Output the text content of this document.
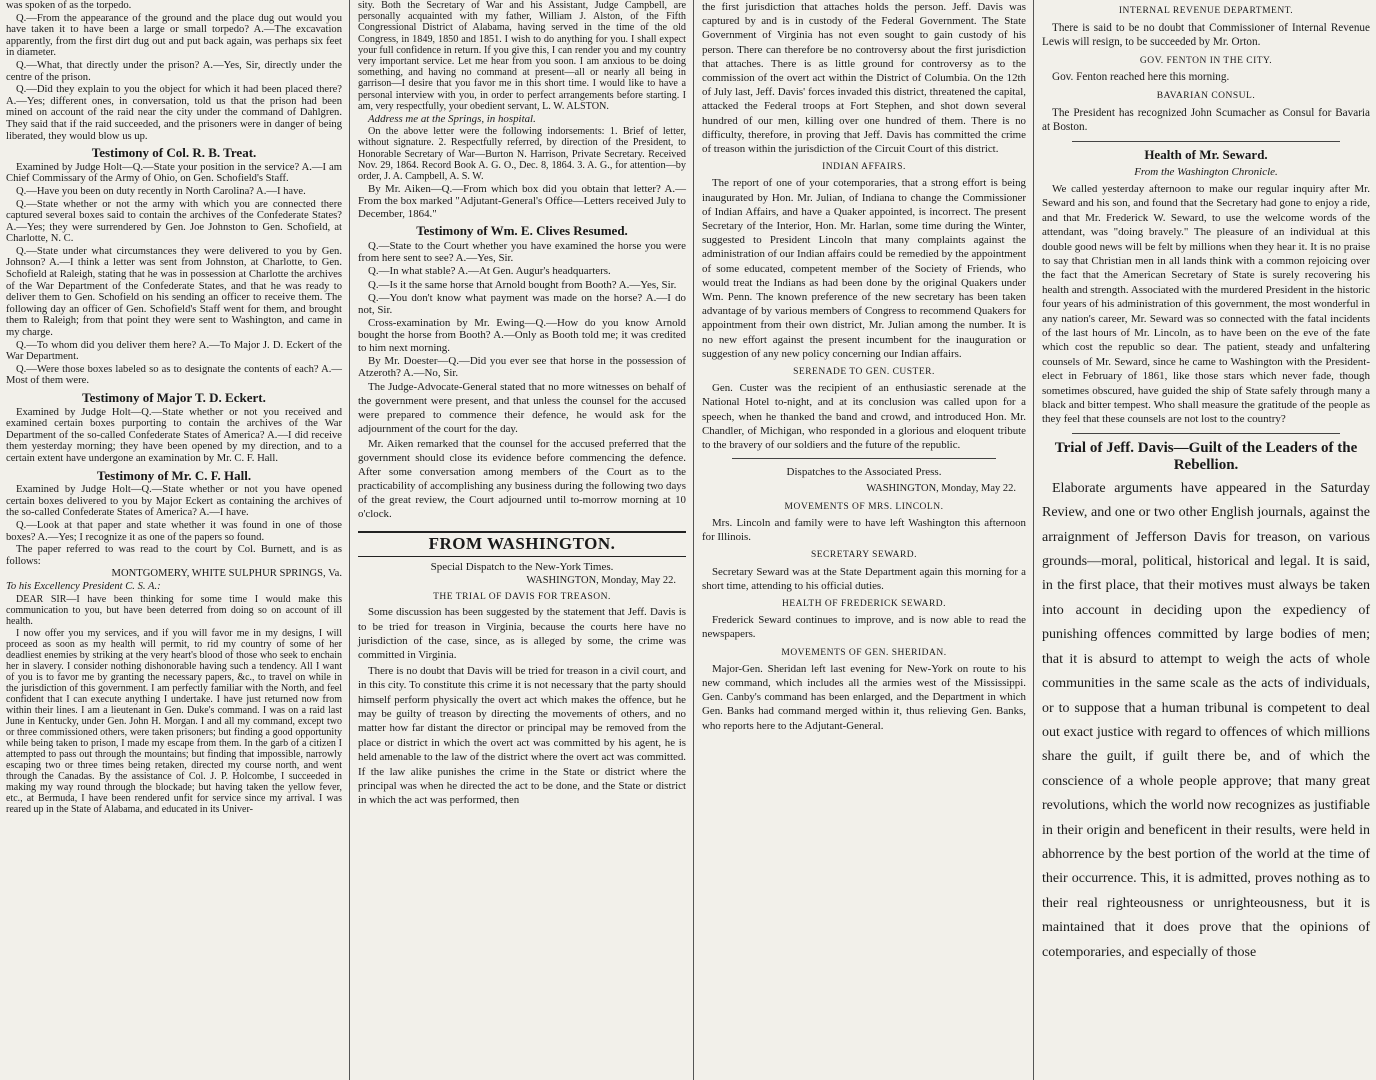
was spoken of as the torpedo.

Q.—From the appearance of the ground and the place dug out would you have taken it to have been a large or small torpedo? A.—The excavation apparently, from the first dirt dug out and put back again, was perhaps six feet in diameter.

Q.—What, that directly under the prison? A.—Yes, Sir, directly under the centre of the prison.

Q.—Did they explain to you the object for which it had been placed there? A.—Yes; different ones, in conversation, told us that the prison had been mined on account of the raid near the city under the command of Dahlgren. They said that if the raid succeeded, and the prisoners were in danger of being liberated, they would blow us up.

Testimony of Col. R. B. Treat.

Examined by Judge Holt—Q.—State your position in the service? A.—I am Chief Commissary of the Army of Ohio, on Gen. Schofield's Staff.

Q.—Have you been on duty recently in North Carolina? A.—I have.

Q.—State whether or not the army with which you are connected there captured several boxes said to contain the archives of the Confederate States? A.—Yes; they were surrendered by Gen. Joe Johnston to Gen. Schofield, at Charlotte, N. C.

Q.—State under what circumstances they were delivered to you by Gen. Johnson? A.—I think a letter was sent from Johnston, at Charlotte, to Gen. Schofield at Raleigh, stating that he was in possession at Charlotte the archives of the War Department of the Confederate States, and that he was ready to deliver them to Gen. Schofield on his sending an officer to receive them. The following day an officer of Gen. Schofield's Staff went for them, and brought them to Raleigh; from that point they were sent to Washington, and came in my charge.

Q.—To whom did you deliver them here? A.—To Major J. D. Eckert of the War Department.

Q.—Were those boxes labeled so as to designate the contents of each? A.—Most of them were.

Testimony of Major T. D. Eckert.

Examined by Judge Holt—Q.—State whether or not you received and examined certain boxes purporting to contain the archives of the War Department of the so-called Confederate States of America? A.—I did receive them yesterday morning; they have been opened by my direction, and to a certain extent have undergone an examination by Mr. C. F. Hall.

Testimony of Mr. C. F. Hall.

Examined by Judge Holt—Q.—State whether or not you have opened certain boxes delivered to you by Major Eckert as containing the archives of the so-called Confederate States of America? A.—I have.

Q.—Look at that paper and state whether it was found in one of those boxes? A.—Yes; I recognize it as one of the papers so found.

The paper referred to was read to the court by Col. Burnett, and is as follows:

MONTGOMERY, WHITE SULPHUR SPRINGS, Va.

To his Excellency President C. S. A.:

DEAR SIR—I have been thinking for some time I would make this communication to you, but have been deterred from doing so on account of ill health.

I now offer you my services, and if you will favor me in my designs, I will proceed as soon as my health will permit, to rid my country of some of her deadliest enemies by striking at the very heart's blood of those who seek to enchain her in slavery. I consider nothing dishonorable having such a tendency. All I want of you is to favor me by granting the necessary papers, &c., to travel on while in the jurisdiction of this government. I am perfectly familiar with the North, and feel confident that I can execute anything I undertake. I have just returned now from within their lines. I am a lieutenant in Gen. Duke's command. I was on a raid last June in Kentucky, under Gen. John H. Morgan. I and all my command, except two or three commissioned others, were taken prisoners; but finding a good opportunity while being taken to prison, I made my escape from them. In the garb of a citizen I attempted to pass out through the mountains; but finding that impossible, narrowly escaping two or three times being retaken, directed my course north, and went through the Canadas. By the assistance of Col. J. P. Holcombe, I succeeded in making my way round through the blockade; but having taken the yellow fever, etc., at Bermuda, I have been rendered unfit for service since my arrival. I was reared up in the State of Alabama, and educated in its Univer-

sity. Both the Secretary of War and his Assistant, Judge Campbell, are personally acquainted with my father, William J. Alston, of the Fifth Congressional District of Alabama, having served in the time of the old Congress, in 1849, 1850 and 1851. I wish to do anything for you. I shall expect your full confidence in return. If you give this, I can render you and my country very important service. Let me hear from you soon. I am anxious to be doing something, and having no command at present—all or nearly all being in garrison—I desire that you favor me in this short time. I would like to have a personal interview with you, in order to perfect arrangements before starting. I am, very respectfully, your obedient servant, L. W. ALSTON.

Address me at the Springs, in hospital.

On the above letter were the following indorsements: 1. Brief of letter, without signature. 2. Respectfully referred, by direction of the President, to Honorable Secretary of War—Burton N. Harrison, Private Secretary. Received Nov. 29, 1864. Record Book A. G. O., Dec. 8, 1864. 3. A. G., for attention—by order, J. A. Campbell, A. S. W.

By Mr. Aiken—Q.—From which box did you obtain that letter? A.—From the box marked "Adjutant-General's Office—Letters received July to December, 1864."

Testimony of Wm. E. Clives Resumed.

Q.—State to the Court whether you have examined the horse you were from here sent to see? A.—Yes, Sir.

Q.—In what stable? A.—At Gen. Augur's headquarters.

Q.—Is it the same horse that Arnold bought from Booth? A.—Yes, Sir.

Q.—You don't know what payment was made on the horse? A.—I do not, Sir.

Cross-examination by Mr. Ewing—Q.—How do you know Arnold bought the horse from Booth? A.—Only as Booth told me; it was credited to him next morning.

By Mr. Doester—Q.—Did you ever see that horse in the possession of Atzeroth? A.—No, Sir.

The Judge-Advocate-General stated that no more witnesses on behalf of the government were present, and that unless the counsel for the accused were prepared to commence their defence, he would ask for the adjournment of the court for the day.

Mr. Aiken remarked that the counsel for the accused preferred that the government should close its evidence before commencing the defence. After some conversation among members of the Court as to the practicability of accomplishing any business during the following two days of the great review, the Court adjourned until to-morrow morning at 10 o'clock.

FROM WASHINGTON.
Special Dispatch to the New-York Times.
WASHINGTON, Monday, May 22.
THE TRIAL OF DAVIS FOR TREASON.

Some discussion has been suggested by the statement that Jeff. Davis is to be tried for treason in Virginia, because the courts here have no jurisdiction of the case, since, as is alleged by some, the crime was committed in Virginia.

There is no doubt that Davis will be tried for treason in a civil court, and in this city. To constitute this crime it is not necessary that the party should himself perform physically the overt act which makes the offence, but he may be guilty of treason by directing the movements of others, and no matter how far distant the director or principal may be removed from the place or district in which the overt act was committed by his agent, he is held amenable to the law of the district where the overt act was committed. If the law alike punishes the crime in the State or district where the principal was when he directed the act to be done, and the State or district in which the act was performed, then

the first jurisdiction that attaches holds the person. Jeff. Davis was captured by and is in custody of the Federal Government. The State Government of Virginia has not even sought to gain custody of his person. There can therefore be no controversy about the first jurisdiction that attaches. There is as little ground for controversy as to the commission of the overt act within the District of Columbia. On the 12th of July last, Jeff. Davis' forces invaded this district, threatened the capital, attacked the Federal troops at Fort Stephen, and shot down several hundred of our men, killing over one hundred of them. There is no difficulty, therefore, in proving that Jeff. Davis has committed the crime of treason within the jurisdiction of the Circuit Court of this district.

INDIAN AFFAIRS.

The report of one of your cotemporaries, that a strong effort is being inaugurated by Hon. Mr. Julian, of Indiana to change the Commissioner of Indian Affairs, and have a Quaker appointed, is incorrect. The present Secretary of the Interior, Hon. Mr. Harlan, some time during the Winter, suggested to President Lincoln that many complaints against the administration of our Indian affairs could be remedied by the appointment of some educated, competent member of the Society of Friends, who would treat the Indians as had been done by the original Quakers under Wm. Penn. The known preference of the new secretary has been taken advantage of by various members of Congress to recommend Quakers for appointment from their own district, Mr. Julian among the number. It is no new effort against the present incumbent for the inauguration or suggestion of any new policy concerning our Indian affairs.

SERENADE TO GEN. CUSTER.

Gen. Custer was the recipient of an enthusiastic serenade at the National Hotel to-night, and at its conclusion was called upon for a speech, when he thanked the band and crowd, and introduced Hon. Mr. Chandler, of Michigan, who responded in a glorious and eloquent tribute to the bravery of our soldiers and the future of the republic.

Dispatches to the Associated Press.
WASHINGTON, Monday, May 22.
MOVEMENTS OF MRS. LINCOLN.

Mrs. Lincoln and family were to have left Washington this afternoon for Illinois.

SECRETARY SEWARD.

Secretary Seward was at the State Department again this morning for a short time, attending to his official duties.

HEALTH OF FREDERICK SEWARD.

Frederick Seward continues to improve, and is now able to read the newspapers.

MOVEMENTS OF GEN. SHERIDAN.

Major-Gen. Sheridan left last evening for New-York on route to his new command, which includes all the armies west of the Mississippi. Gen. Canby's command has been enlarged, and the Department in which Gen. Banks had command merged within it, thus relieving Gen. Banks, who reports here to the Adjutant-General.

INTERNAL REVENUE DEPARTMENT.

There is said to be no doubt that Commissioner of Internal Revenue Lewis will resign, to be succeeded by Mr. Orton.

GOV. FENTON IN THE CITY.

Gov. Fenton reached here this morning.

BAVARIAN CONSUL.

The President has recognized John Scumacher as Consul for Bavaria at Boston.

Health of Mr. Seward.
From the Washington Chronicle.

We called yesterday afternoon to make our regular inquiry after Mr. Seward and his son, and found that the Secretary had gone to enjoy a ride, and that Mr. Frederick W. Seward, to use the welcome words of the attendant, was "doing bravely." The pleasure of an individual at this double good news will be felt by millions when they hear it. It is no praise to say that Christian men in all lands think with a common rejoicing over the fact that the American Secretary of State is surely recovering his health and strength. Associated with the murdered President in the historic four years of his administration of this government, the most wonderful in any nation's career, Mr. Seward was so connected with the fatal incidents of the last hours of Mr. Lincoln, as to have been on the eve of the fate which cost the republic so dear. The patient, steady and unfaltering counsels of Mr. Seward, since he came to Washington with the President-elect in February of 1861, like those stars which never fade, though sometimes obscured, have guided the ship of State safely through many a black and bitter tempest. Who shall measure the gratitude of the people as they feel that these counsels are not lost to the country?

Trial of Jeff. Davis—Guilt of the Leaders of the Rebellion.

Elaborate arguments have appeared in the Saturday Review, and one or two other English journals, against the arraignment of Jefferson Davis for treason, on various grounds—moral, political, historical and legal. It is said, in the first place, that their motives must always be taken into account in deciding upon the expediency of punishing offences committed by large bodies of men; that it is absurd to attempt to weigh the acts of whole communities in the same scale as the acts of individuals, or to suppose that a human tribunal is competent to deal out exact justice with regard to offences of which millions share the guilt, if guilt there be, and of which the conscience of a whole people approve; that many great revolutions, which the world now recognizes as justifiable in their origin and beneficent in their results, were held in abhorrence by the best portion of the world at the time of their occurrence. This, it is admitted, proves nothing as to their real righteousness or unrighteousness, but it is maintained that it does prove that the opinions of cotemporaries, and especially of those
